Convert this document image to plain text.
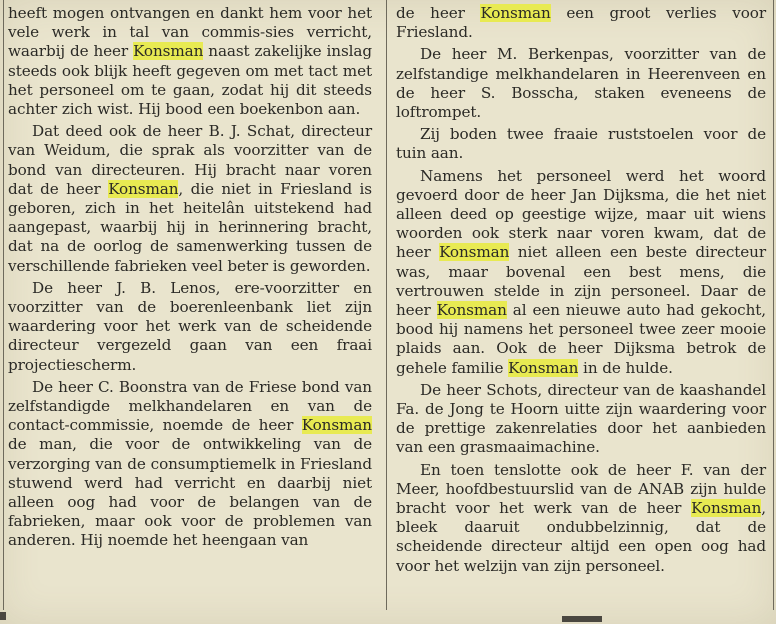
heeft mogen ontvangen en dankt hem voor het vele werk in tal van commis-sies verricht, waarbij de heer Konsman naast zakelijke inslag steeds ook blijk heeft gegeven om met tact met het personeel om te gaan, zodat hij dit steeds achter zich wist. Hij bood een boekenbon aan.

Dat deed ook de heer B. J. Schat, directeur van Weidum, die sprak als voorzitter van de bond van directeuren. Hij bracht naar voren dat de heer Konsman, die niet in Friesland is geboren, zich in het heitelân uitstekend had aangepast, waarbij hij in herinnering bracht, dat na de oorlog de samenwerking tussen de verschillende fabrieken veel beter is geworden.

De heer J. B. Lenos, ere-voorzitter en voorzitter van de boerenleenbank liet zijn waardering voor het werk van de scheidende directeur vergezeld gaan van een fraai projectiescherm.

De heer C. Boonstra van de Friese bond van zelfstandigde melkhandelaren en van de contact-commissie, noemde de heer Konsman de man, die voor de ontwikkeling van de verzorging van de consumptiemelk in Friesland stuwend werd had verricht en daarbij niet alleen oog had voor de belangen van de fabrieken, maar ook voor de problemen van anderen. Hij noemde het heengaan van

de heer Konsman een groot verlies voor Friesland.

De heer M. Berkenpas, voorzitter van de zelfstandige melkhandelaren in Heerenveen en de heer S. Bosscha, staken eveneens de loftrompet.

Zij boden twee fraaie ruststoelen voor de tuin aan.

Namens het personeel werd het woord gevoerd door de heer Jan Dijksma, die het niet alleen deed op geestige wijze, maar uit wiens woorden ook sterk naar voren kwam, dat de heer Konsman niet alleen een beste directeur was, maar bovenal een best mens, die vertrouwen stelde in zijn personeel. Daar de heer Konsman al een nieuwe auto had gekocht, bood hij namens het personeel twee zeer mooie plaids aan. Ook de heer Dijksma betrok de gehele familie Konsman in de hulde.

De heer Schots, directeur van de kaashandel Fa. de Jong te Hoorn uitte zijn waardering voor de prettige zakenrelaties door het aanbieden van een grasmaaimachine.

En toen tenslotte ook de heer F. van der Meer, hoofdbestuurslid van de ANAB zijn hulde bracht voor het werk van de heer Konsman, bleek daaruit ondubbelzinnig, dat de scheidende directeur altijd een open oog had voor het welzijn van zijn personeel.
